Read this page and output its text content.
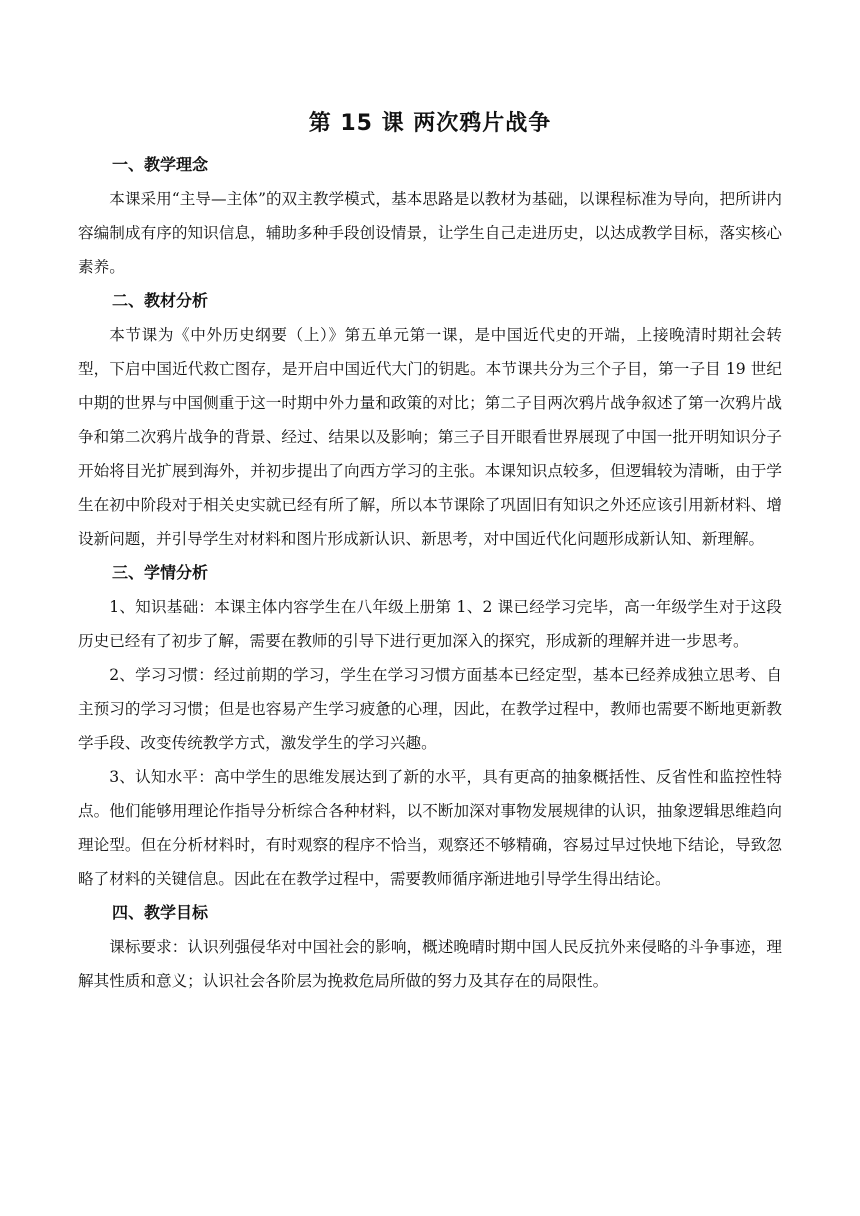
第 15 课 两次鸦片战争
一、教学理念

本课采用“主导—主体”的双主教学模式，基本思路是以教材为基础，以课程标准为导向，把所讲内容编制成有序的知识信息，辅助多种手段创设情景，让学生自己走进历史，以达成教学目标，落实核心素养。

二、教材分析

本节课为《中外历史纲要（上）》第五单元第一课，是中国近代史的开端，上接晚清时期社会转型，下启中国近代救亡图存，是开启中国近代大门的钥匙。本节课共分为三个子目，第一子目 19 世纪中期的世界与中国侧重于这一时期中外力量和政策的对比；第二子目两次鸦片战争叙述了第一次鸦片战争和第二次鸦片战争的背景、经过、结果以及影响；第三子目开眼看世界展现了中国一批开明知识分子开始将目光扩展到海外，并初步提出了向西方学习的主张。本课知识点较多，但逻辑较为清晰，由于学生在初中阶段对于相关史实就已经有所了解，所以本节课除了巩固旧有知识之外还应该引用新材料、增设新问题，并引导学生对材料和图片形成新认识、新思考，对中国近代化问题形成新认知、新理解。

三、学情分析

1、知识基础：本课主体内容学生在八年级上册第 1、2 课已经学习完毕，高一年级学生对于这段历史已经有了初步了解，需要在教师的引导下进行更加深入的探究，形成新的理解并进一步思考。

2、学习习惯：经过前期的学习，学生在学习习惯方面基本已经定型，基本已经养成独立思考、自主预习的学习习惯；但是也容易产生学习疲惫的心理，因此，在教学过程中，教师也需要不断地更新教学手段、改变传统教学方式，激发学生的学习兴趣。

3、认知水平：高中学生的思维发展达到了新的水平，具有更高的抽象概括性、反省性和监控性特点。他们能够用理论作指导分析综合各种材料，以不断加深对事物发展规律的认识，抽象逻辑思维趋向理论型。但在分析材料时，有时观察的程序不恰当，观察还不够精确，容易过早过快地下结论，导致忽略了材料的关键信息。因此在在教学过程中，需要教师循序渐进地引导学生得出结论。

四、教学目标

课标要求：认识列强侵华对中国社会的影响，概述晚晴时期中国人民反抗外来侵略的斗争事迹，理解其性质和意义；认识社会各阶层为挽救危局所做的努力及其存在的局限性。
